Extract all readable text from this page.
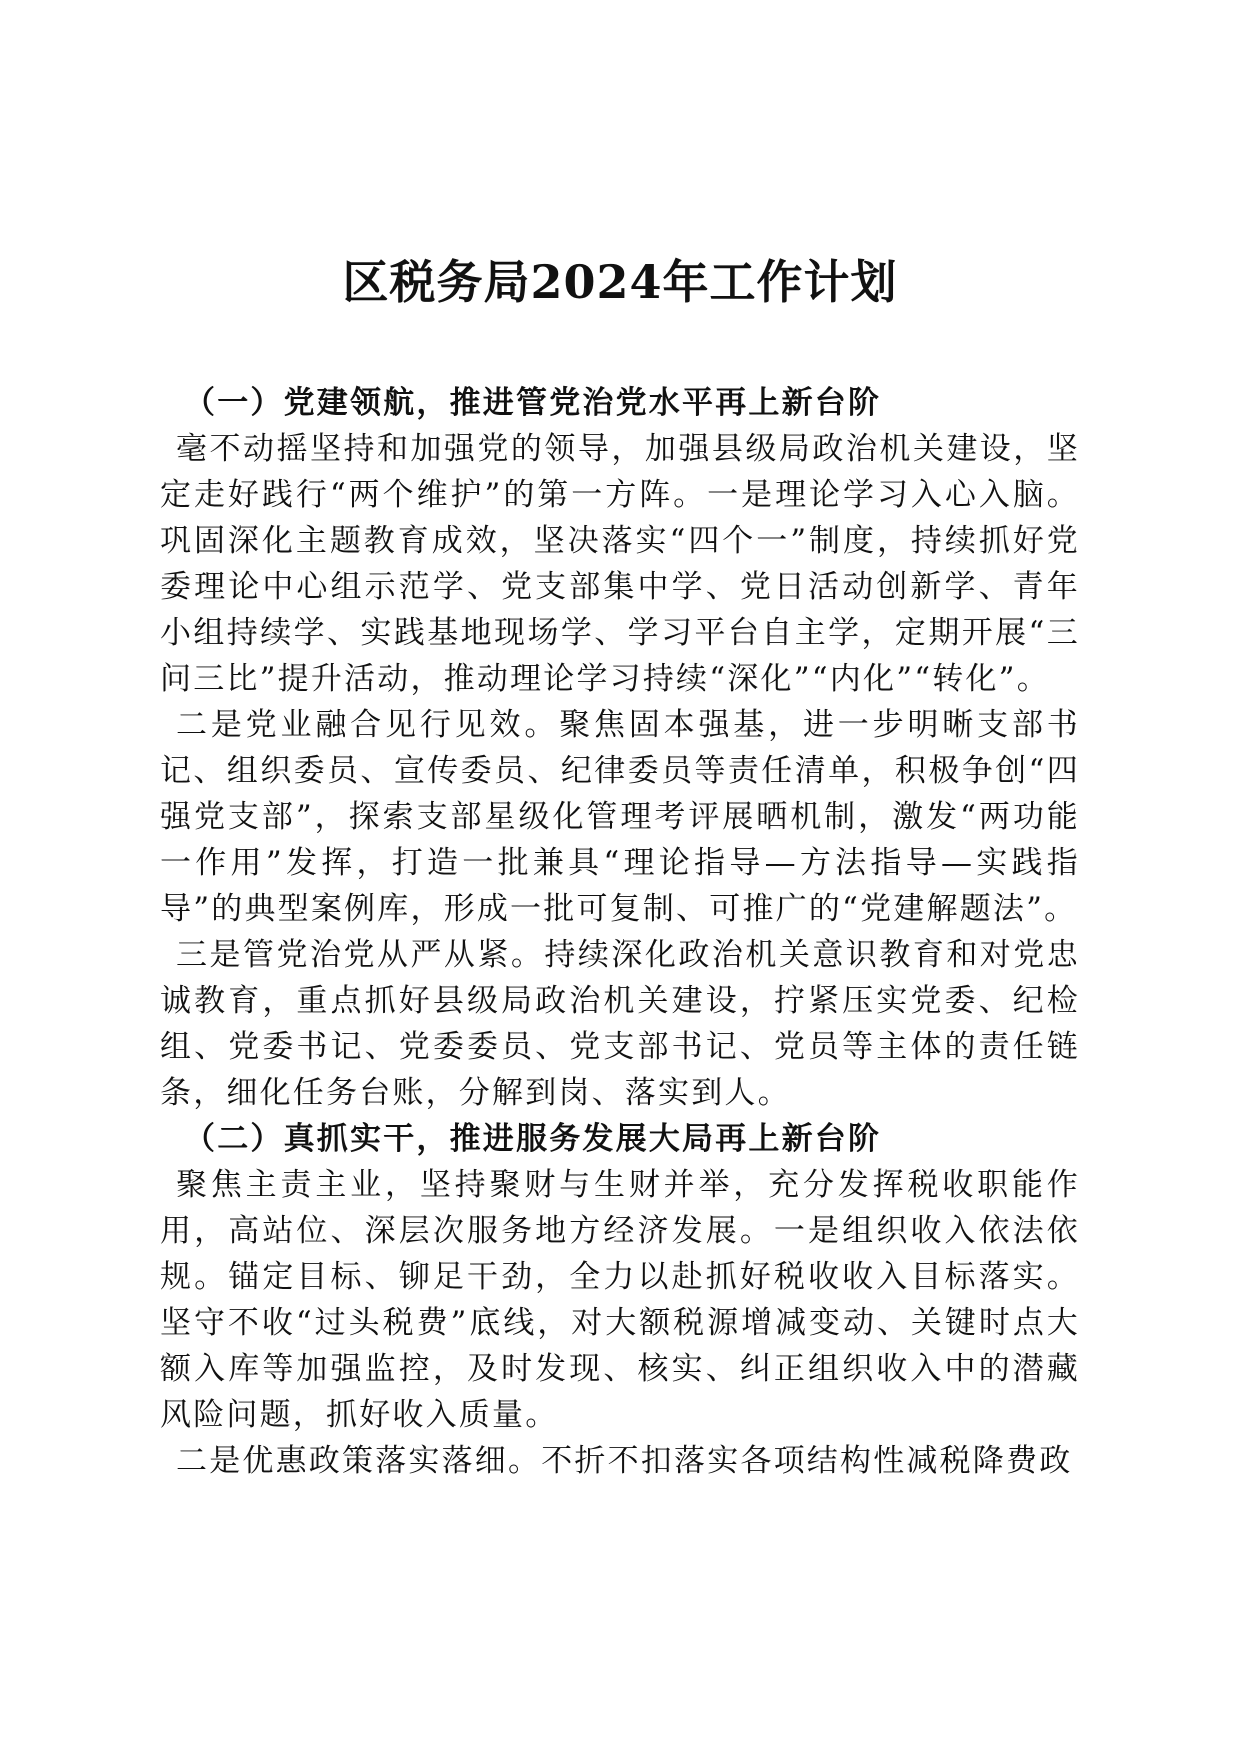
区税务局2024年工作计划

（一）党建领航，推进管党治党水平再上新台阶

毫不动摇坚持和加强党的领导，加强县级局政治机关建设，坚定走好践行“两个维护”的第一方阵。一是理论学习入心入脑。巩固深化主题教育成效，坚决落实“四个一”制度，持续抓好党委理论中心组示范学、党支部集中学、党日活动创新学、青年小组持续学、实践基地现场学、学习平台自主学，定期开展“三问三比”提升活动，推动理论学习持续“深化”“内化”“转化”。

二是党业融合见行见效。聚焦固本强基，进一步明晰支部书记、组织委员、宣传委员、纪律委员等责任清单，积极争创“四强党支部”，探索支部星级化管理考评展晒机制，激发“两功能一作用”发挥，打造一批兼具“理论指导—方法指导—实践指导”的典型案例库，形成一批可复制、可推广的“党建解题法”。

三是管党治党从严从紧。持续深化政治机关意识教育和对党忠诚教育，重点抓好县级局政治机关建设，拧紧压实党委、纪检组、党委书记、党委委员、党支部书记、党员等主体的责任链条，细化任务台账，分解到岗、落实到人。

（二）真抓实干，推进服务发展大局再上新台阶

聚焦主责主业，坚持聚财与生财并举，充分发挥税收职能作用，高站位、深层次服务地方经济发展。一是组织收入依法依规。锚定目标、铆足干劲，全力以赴抓好税收收入目标落实。坚守不收“过头税费”底线，对大额税源增减变动、关键时点大额入库等加强监控，及时发现、核实、纠正组织收入中的潜藏风险问题，抓好收入质量。

二是优惠政策落实落细。不折不扣落实各项结构性减税降费政
